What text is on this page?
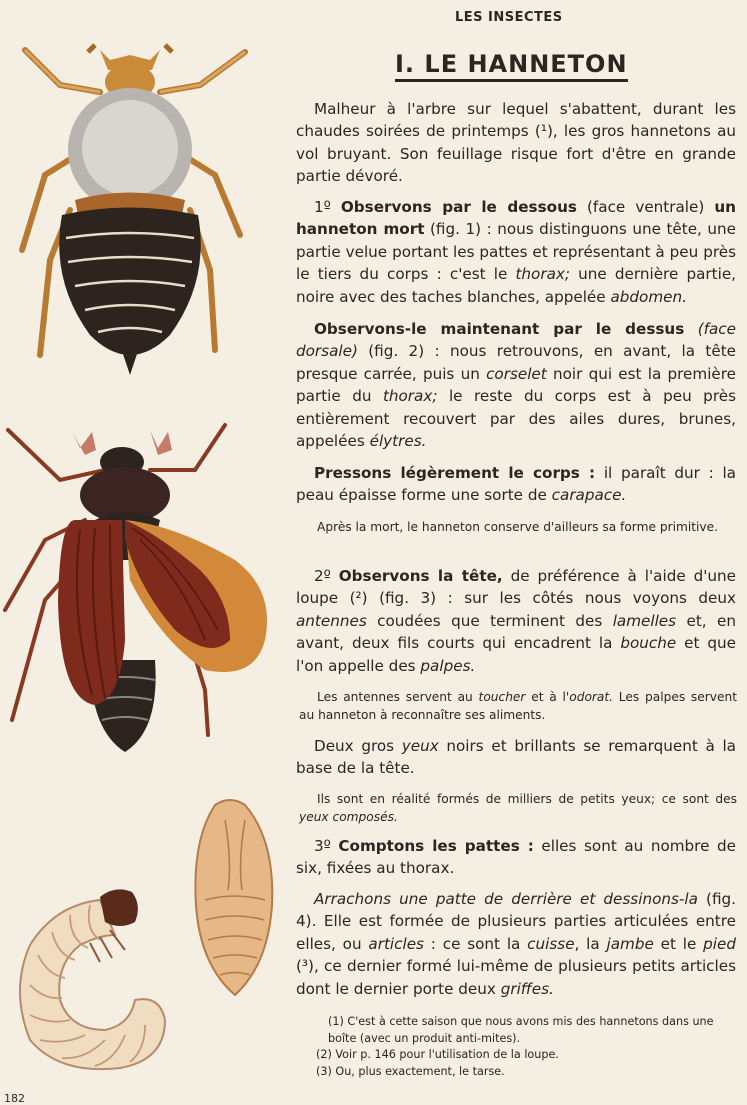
LES INSECTES
I. LE HANNETON
Malheur à l'arbre sur lequel s'abattent, durant les chaudes soirées de printemps (¹), les gros hannetons au vol bruyant. Son feuillage risque fort d'être en grande partie dévoré.
1º Observons par le dessous (face ventrale) un hanneton mort (fig. 1) : nous distinguons une tête, une partie velue portant les pattes et représentant à peu près le tiers du corps : c'est le thorax; une dernière partie, noire avec des taches blanches, appelée abdomen.
Observons-le maintenant par le dessus (face dorsale) (fig. 2) : nous retrouvons, en avant, la tête presque carrée, puis un corselet noir qui est la première partie du thorax; le reste du corps est à peu près entièrement recouvert par des ailes dures, brunes, appelées élytres.
Pressons légèrement le corps : il paraît dur : la peau épaisse forme une sorte de carapace.
Après la mort, le hanneton conserve d'ailleurs sa forme primitive.
2º Observons la tête, de préférence à l'aide d'une loupe (²) (fig. 3) : sur les côtés nous voyons deux antennes coudées que terminent des lamelles et, en avant, deux fils courts qui encadrent la bouche et que l'on appelle des palpes.
Les antennes servent au toucher et à l'odorat. Les palpes servent au hanneton à reconnaître ses aliments.
Deux gros yeux noirs et brillants se remarquent à la base de la tête.
Ils sont en réalité formés de milliers de petits yeux; ce sont des yeux composés.
3º Comptons les pattes : elles sont au nombre de six, fixées au thorax.
Arrachons une patte de derrière et dessinons-la (fig. 4). Elle est formée de plusieurs parties articulées entre elles, ou articles : ce sont la cuisse, la jambe et le pied (³), ce dernier formé lui-même de plusieurs petits articles dont le dernier porte deux griffes.
(1) C'est à cette saison que nous avons mis des hannetons dans une boîte (avec un produit anti-mites).
(2) Voir p. 146 pour l'utilisation de la loupe.
(3) Ou, plus exactement, le tarse.
182
